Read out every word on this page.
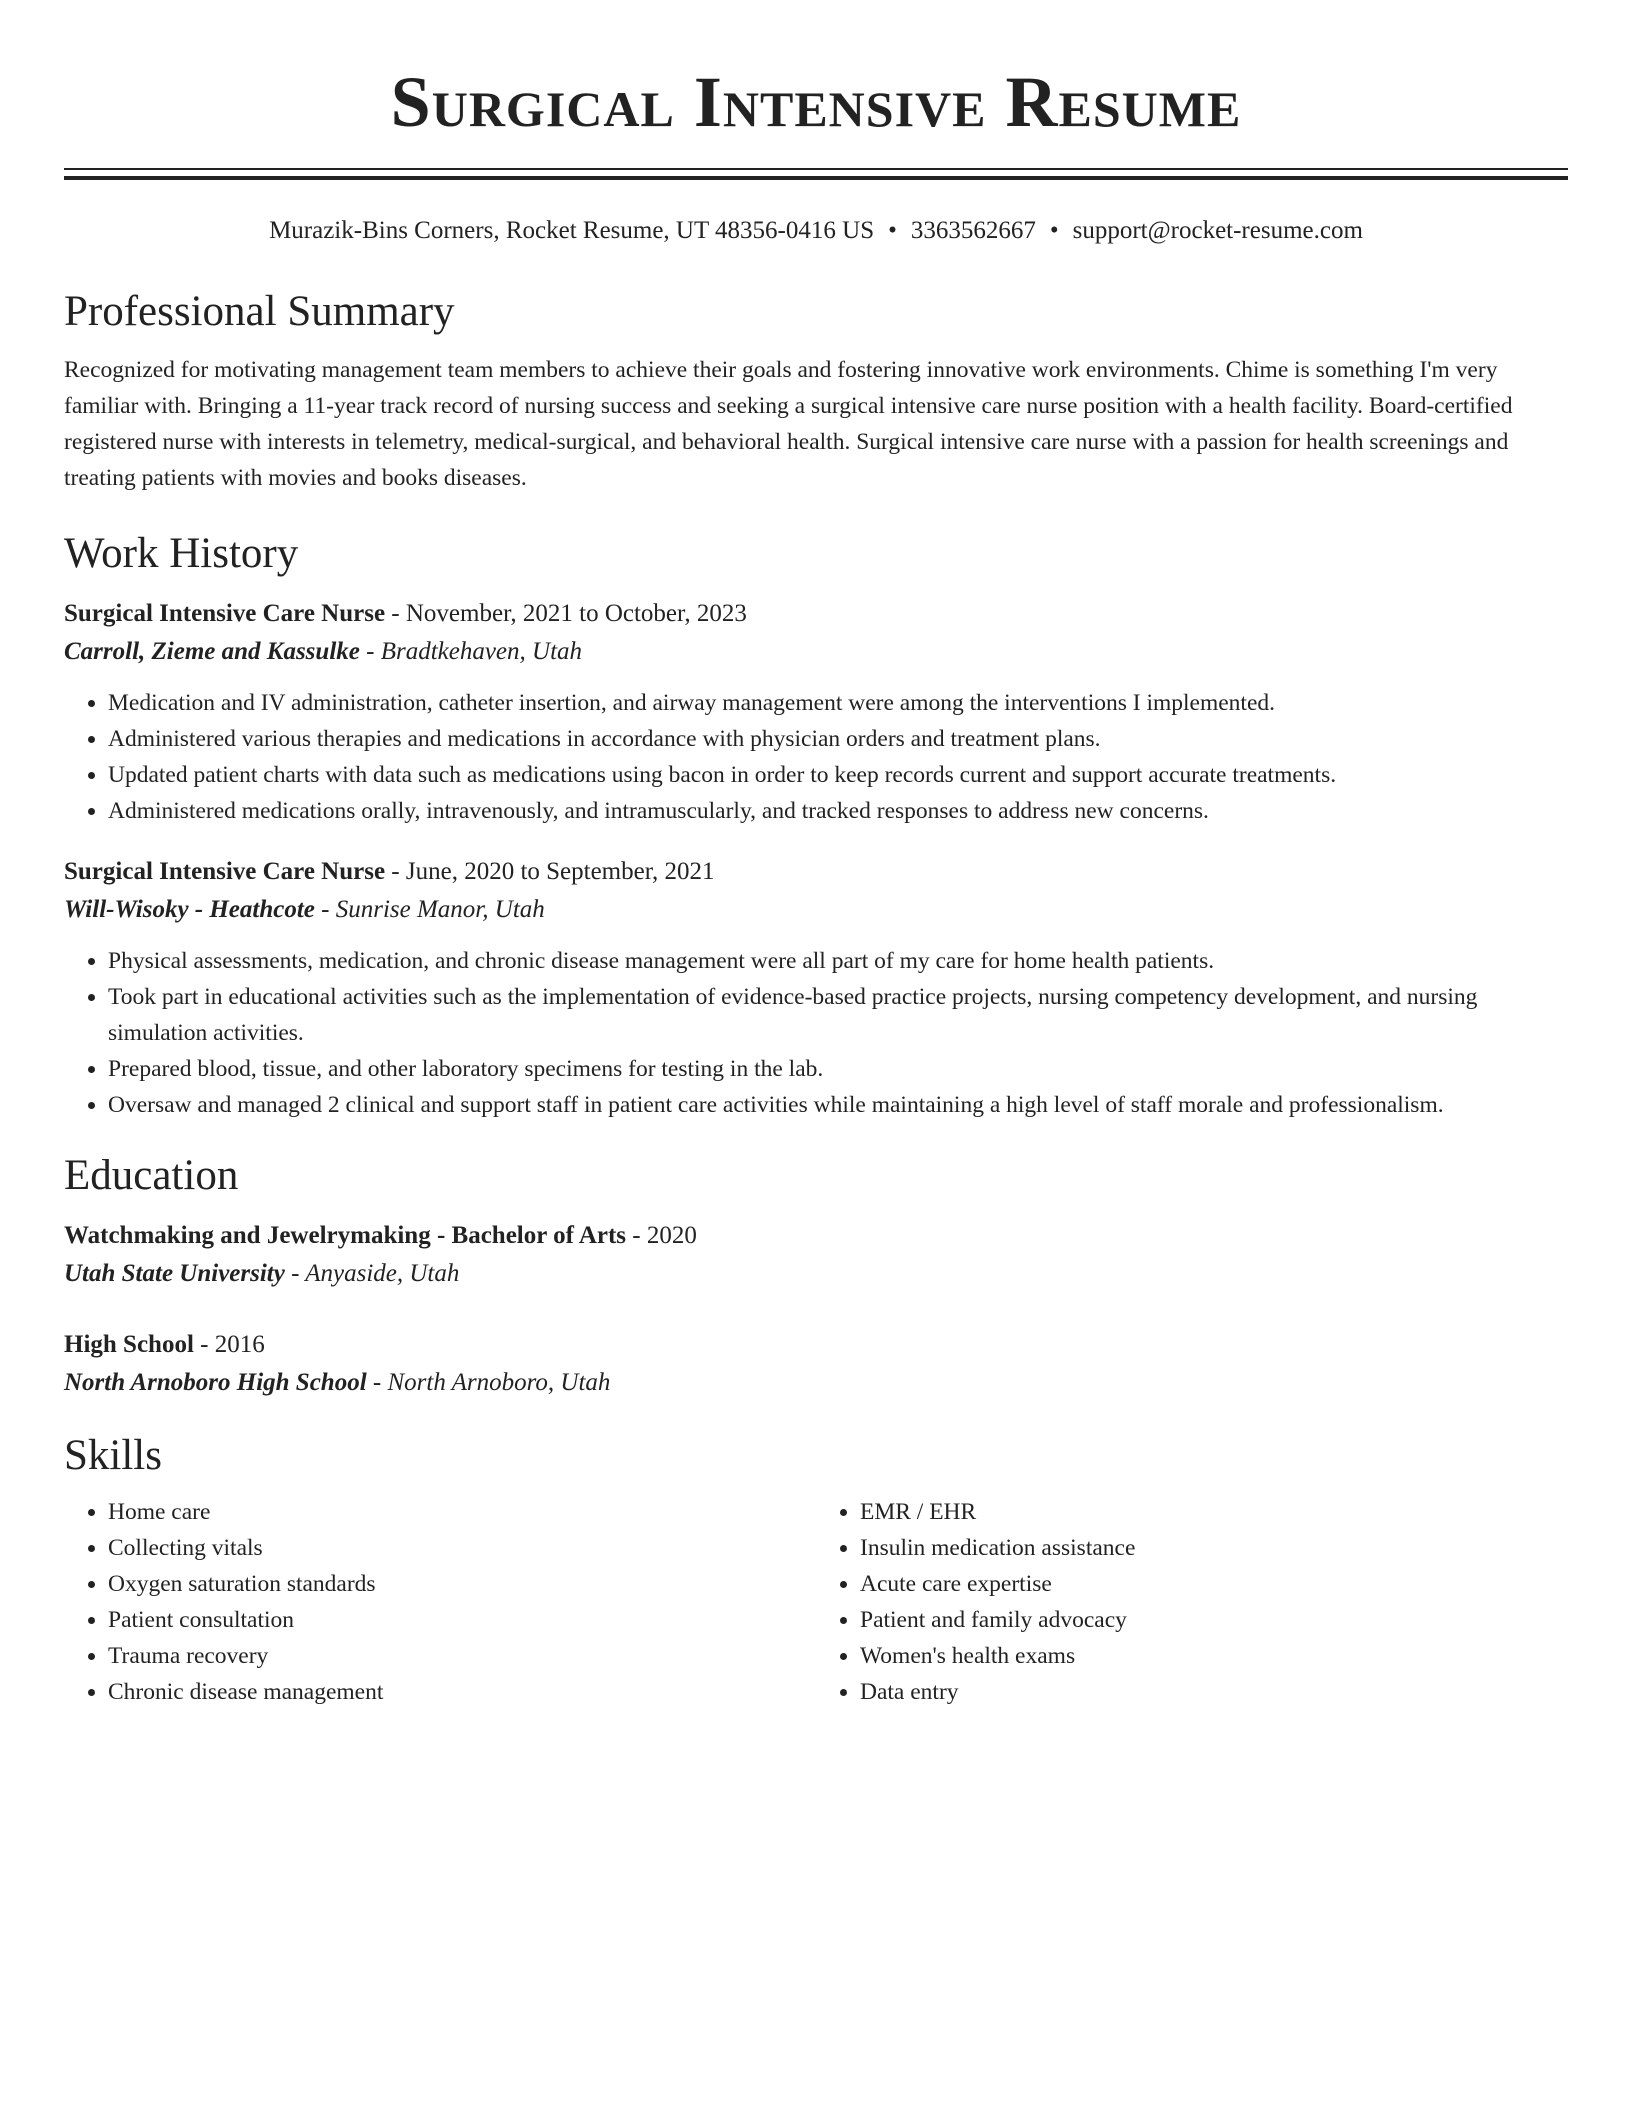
Surgical Intensive Resume
Murazik-Bins Corners, Rocket Resume, UT 48356-0416 US • 3363562667 • support@rocket-resume.com
Professional Summary

Recognized for motivating management team members to achieve their goals and fostering innovative work environments. Chime is something I'm very familiar with. Bringing a 11-year track record of nursing success and seeking a surgical intensive care nurse position with a health facility. Board-certified registered nurse with interests in telemetry, medical-surgical, and behavioral health. Surgical intensive care nurse with a passion for health screenings and treating patients with movies and books diseases.

Work History
Surgical Intensive Care Nurse - November, 2021 to October, 2023
Carroll, Zieme and Kassulke - Bradtkehaven, Utah
• Medication and IV administration, catheter insertion, and airway management were among the interventions I implemented.
• Administered various therapies and medications in accordance with physician orders and treatment plans.
• Updated patient charts with data such as medications using bacon in order to keep records current and support accurate treatments.
• Administered medications orally, intravenously, and intramuscularly, and tracked responses to address new concerns.
Surgical Intensive Care Nurse - June, 2020 to September, 2021
Will-Wisoky - Heathcote - Sunrise Manor, Utah
• Physical assessments, medication, and chronic disease management were all part of my care for home health patients.
• Took part in educational activities such as the implementation of evidence-based practice projects, nursing competency development, and nursing simulation activities.
• Prepared blood, tissue, and other laboratory specimens for testing in the lab.
• Oversaw and managed 2 clinical and support staff in patient care activities while maintaining a high level of staff morale and professionalism.
Education
Watchmaking and Jewelrymaking - Bachelor of Arts - 2020
Utah State University - Anyaside, Utah
High School - 2016
North Arnoboro High School - North Arnoboro, Utah
Skills
• Home care
• Collecting vitals
• Oxygen saturation standards
• Patient consultation
• Trauma recovery
• Chronic disease management
• EMR / EHR
• Insulin medication assistance
• Acute care expertise
• Patient and family advocacy
• Women's health exams
• Data entry
